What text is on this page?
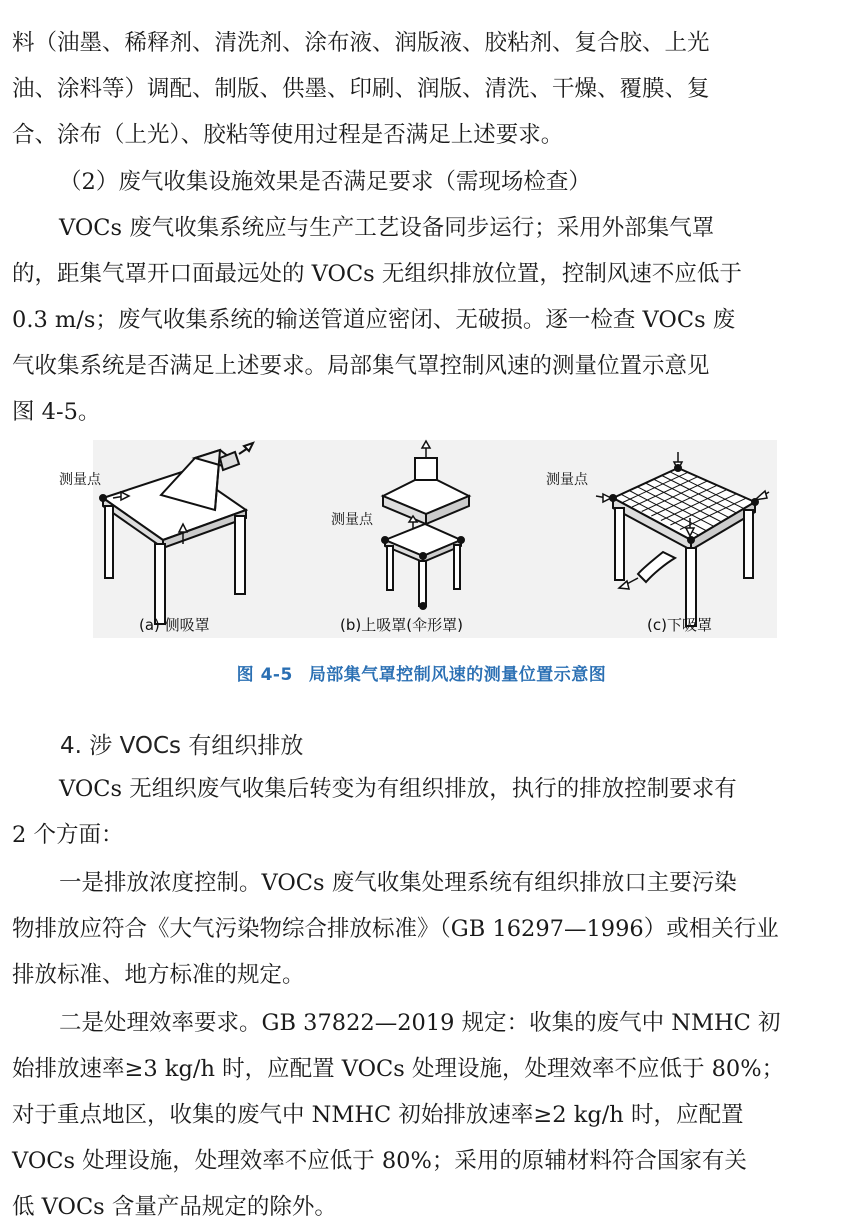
料（油墨、稀释剂、清洗剂、涂布液、润版液、胶粘剂、复合胶、上光
油、涂料等）调配、制版、供墨、印刷、润版、清洗、干燥、覆膜、复
合、涂布（上光）、胶粘等使用过程是否满足上述要求。
（2）废气收集设施效果是否满足要求（需现场检查）
VOCs 废气收集系统应与生产工艺设备同步运行；采用外部集气罩
的，距集气罩开口面最远处的 VOCs 无组织排放位置，控制风速不应低于
0.3 m/s；废气收集系统的输送管道应密闭、无破损。逐一检查 VOCs 废
气收集系统是否满足上述要求。局部集气罩控制风速的测量位置示意见
图 4-5。
测量点
(a) 侧吸罩
测量点
(b)上吸罩(伞形罩)
测量点
(c)下吸罩
图 4-5 局部集气罩控制风速的测量位置示意图
4. 涉 VOCs 有组织排放
VOCs 无组织废气收集后转变为有组织排放，执行的排放控制要求有
2 个方面：
一是排放浓度控制。VOCs 废气收集处理系统有组织排放口主要污染
物排放应符合《大气污染物综合排放标准》（GB 16297—1996）或相关行业
排放标准、地方标准的规定。
二是处理效率要求。GB 37822—2019 规定：收集的废气中 NMHC 初
始排放速率≥3 kg/h 时，应配置 VOCs 处理设施，处理效率不应低于 80%；
对于重点地区，收集的废气中 NMHC 初始排放速率≥2 kg/h 时，应配置
VOCs 处理设施，处理效率不应低于 80%；采用的原辅材料符合国家有关
低 VOCs 含量产品规定的除外。
